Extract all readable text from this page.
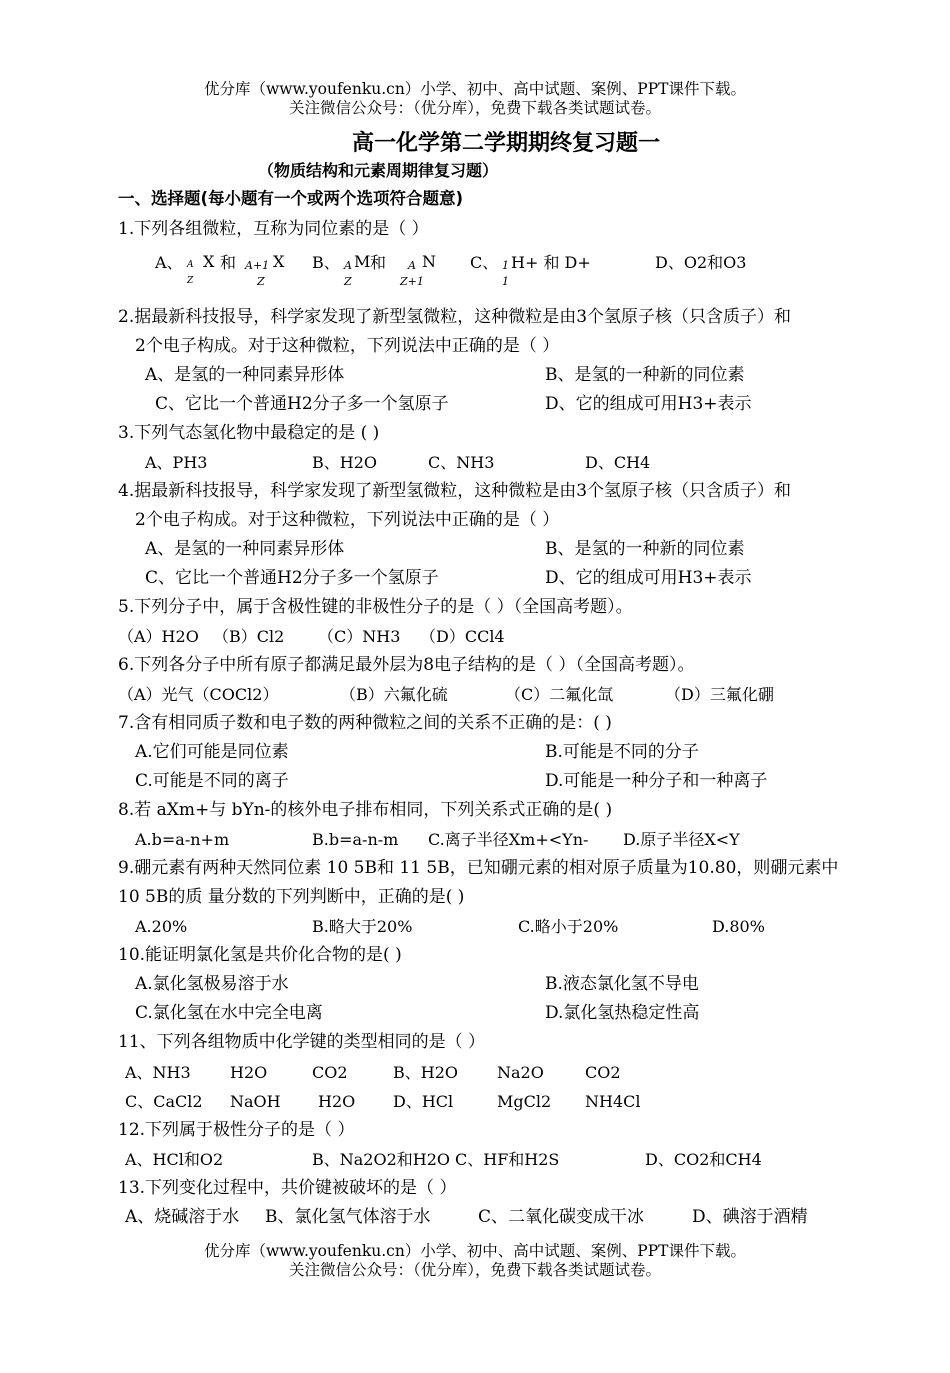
优分库（www.youfenku.cn）小学、初中、高中试题、案例、PPT课件下载。
关注微信公众号：（优分库），免费下载各类试题试卷。
高一化学第二学期期终复习题一
（物质结构和元素周期律复习题）
一、选择题(每小题有一个或两个选项符合题意)
1.下列各组微粒，互称为同位素的是（ ）
A、 A
Z
X 和 A+1
Z
X B、 A
Z
M 和 A
Z+1
N C、 1
1
H+ 和 D+	D、O2和O3
2.据最新科技报导，科学家发现了新型氢微粒，这种微粒是由3个氢原子核（只含质子）和
2个电子构成。对于这种微粒，下列说法中正确的是（ ）
A、是氢的一种同素异形体	B、是氢的一种新的同位素
C、它比一个普通H2分子多一个氢原子	D、它的组成可用H3+表示
3.下列气态氢化物中最稳定的是 ( )
A、PH3	B、H2O	C、NH3	D、CH4
4.据最新科技报导，科学家发现了新型氢微粒，这种微粒是由3个氢原子核（只含质子）和
2个电子构成。对于这种微粒，下列说法中正确的是（ ）
A、是氢的一种同素异形体	B、是氢的一种新的同位素
C、它比一个普通H2分子多一个氢原子	D、它的组成可用H3+表示
5.下列分子中，属于含极性键的非极性分子的是（ ）（全国高考题）。
（A）H2O （B）Cl2 （C）NH3 （D）CCl4
6.下列各分子中所有原子都满足最外层为8电子结构的是（ ）（全国高考题）。
（A）光气（COCl2）	（B）六氟化硫	（C）二氟化氙	（D）三氟化硼
7.含有相同质子数和电子数的两种微粒之间的关系不正确的是：( )
A.它们可能是同位素	B.可能是不同的分子
C.可能是不同的离子	D.可能是一种分子和一种离子
8.若 aXm+与 bYn-的核外电子排布相同，下列关系式正确的是( )
A.b=a-n+m	B.b=a-n-m C.离子半径Xm+<Yn- D.原子半径X<Y
9.硼元素有两种天然同位素 10 5B和 11 5B，已知硼元素的相对原子质量为10.80，则硼元素中
10 5B的质 量分数的下列判断中，正确的是( )
A.20%	B.略大于20%	C.略小于20%	D.80%
10.能证明氯化氢是共价化合物的是( )
A.氯化氢极易溶于水	B.液态氯化氢不导电
C.氯化氢在水中完全电离	D.氯化氢热稳定性高
11、下列各组物质中化学键的类型相同的是（ ）
A、NH3 H2O	CO2	B、H2O Na2O	CO2
C、CaCl2 NaOH H2O D、HCl	MgCl2 NH4Cl
12.下列属于极性分子的是（ ）
A、HCl和O2	B、Na2O2和H2O C、HF和H2S	D、CO2和CH4
13.下列变化过程中，共价键被破坏的是（ ）
A、烧碱溶于水 B、氯化氢气体溶于水	C、二氧化碳变成干冰	D、碘溶于酒精
优分库（www.youfenku.cn）小学、初中、高中试题、案例、PPT课件下载。
关注微信公众号：（优分库），免费下载各类试题试卷。
